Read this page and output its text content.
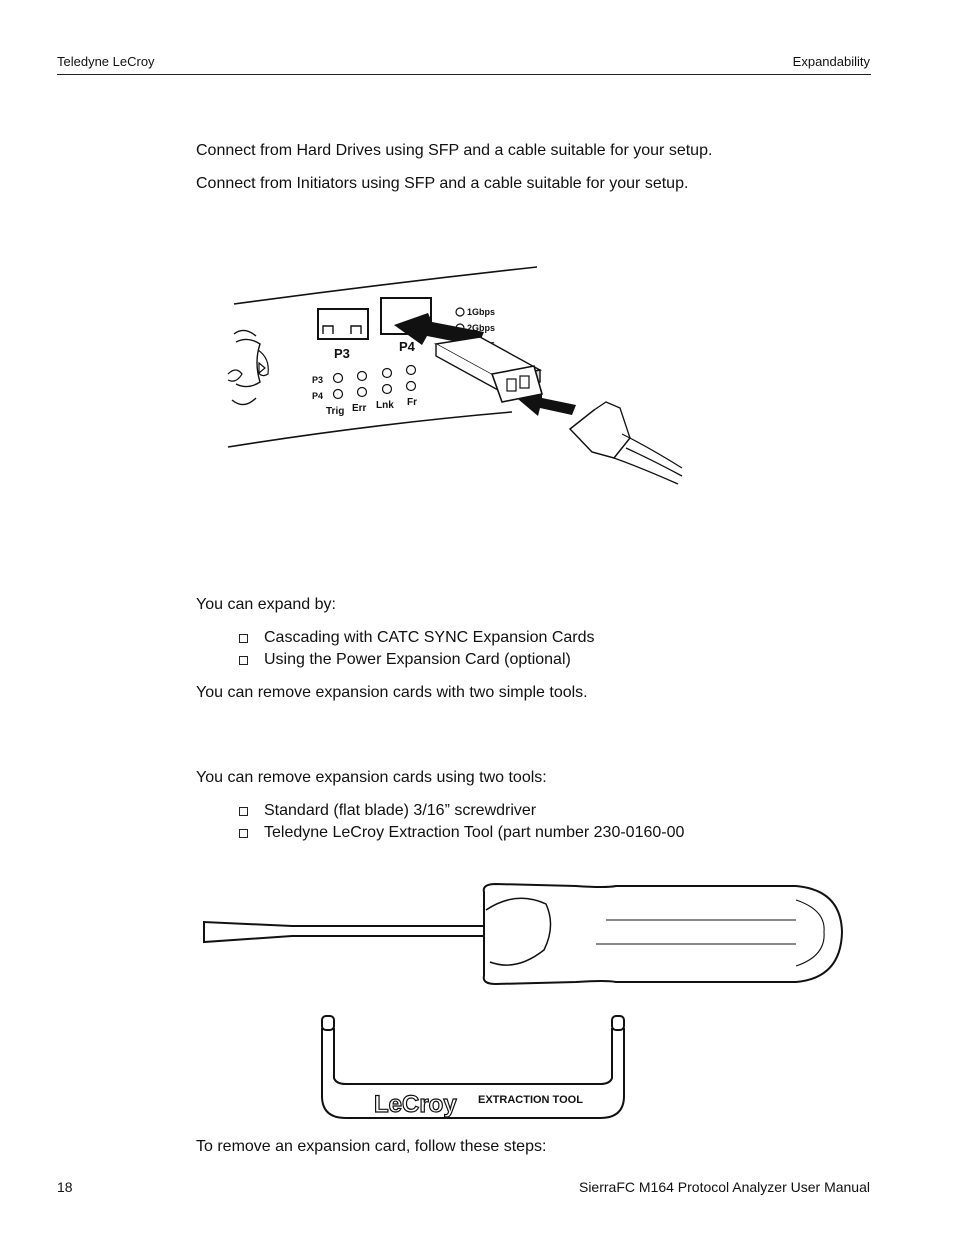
Teledyne LeCroy	Expandability
Connect from Hard Drives using SFP and a cable suitable for your setup.
Connect from Initiators using SFP and a cable suitable for your setup.
P3	P4
1Gbps
2Gbps
P3
P4
Trig Err Lnk Fr
You can expand by:
Cascading with CATC SYNC Expansion Cards
Using the Power Expansion Card (optional)
You can remove expansion cards with two simple tools.
You can remove expansion cards using two tools:
Standard (flat blade) 3/16” screwdriver
Teledyne LeCroy Extraction Tool (part number 230-0160-00
LeCroy EXTRACTION TOOL
To remove an expansion card, follow these steps:
18	SierraFC M164 Protocol Analyzer User Manual
